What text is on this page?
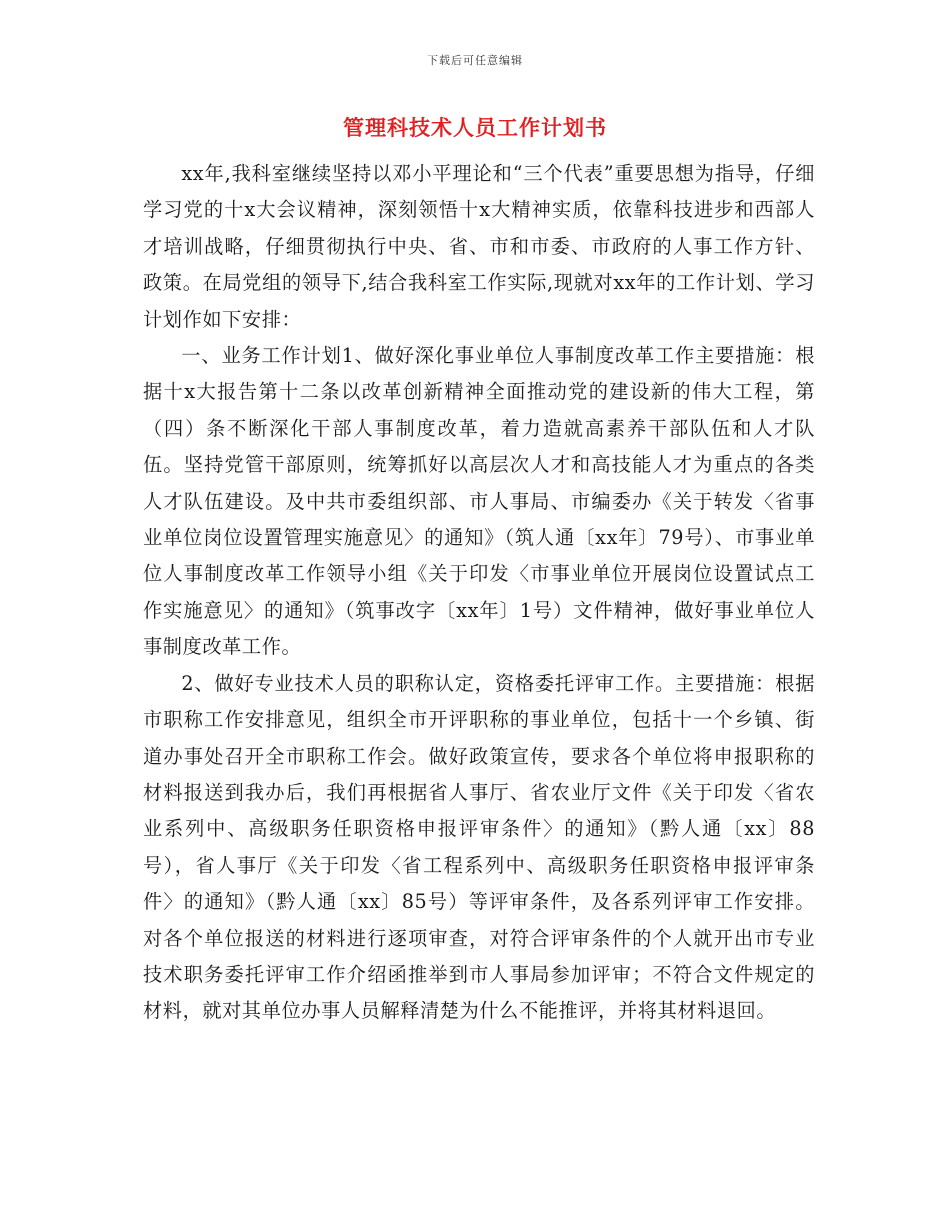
下载后可任意编辑
管理科技术人员工作计划书

xx年,我科室继续坚持以邓小平理论和“三个代表”重要思想为指导，仔细学习党的十x大会议精神，深刻领悟十x大精神实质，依靠科技进步和西部人才培训战略，仔细贯彻执行中央、省、市和市委、市政府的人事工作方针、政策。在局党组的领导下,结合我科室工作实际,现就对xx年的工作计划、学习计划作如下安排：

一、业务工作计划1、做好深化事业单位人事制度改革工作主要措施：根据十x大报告第十二条以改革创新精神全面推动党的建设新的伟大工程，第（四）条不断深化干部人事制度改革，着力造就高素养干部队伍和人才队伍。坚持党管干部原则，统筹抓好以高层次人才和高技能人才为重点的各类人才队伍建设。及中共市委组织部、市人事局、市编委办《关于转发〈省事业单位岗位设置管理实施意见〉的通知》（筑人通〔xx年〕79号）、市事业单位人事制度改革工作领导小组《关于印发〈市事业单位开展岗位设置试点工作实施意见〉的通知》（筑事改字〔xx年〕1号）文件精神，做好事业单位人事制度改革工作。

2、做好专业技术人员的职称认定，资格委托评审工作。主要措施：根据市职称工作安排意见，组织全市开评职称的事业单位，包括十一个乡镇、街道办事处召开全市职称工作会。做好政策宣传，要求各个单位将申报职称的材料报送到我办后，我们再根据省人事厅、省农业厅文件《关于印发〈省农业系列中、高级职务任职资格申报评审条件〉的通知》（黔人通〔xx〕88号），省人事厅《关于印发〈省工程系列中、高级职务任职资格申报评审条件〉的通知》（黔人通〔xx〕85号）等评审条件，及各系列评审工作安排。对各个单位报送的材料进行逐项审查，对符合评审条件的个人就开出市专业技术职务委托评审工作介绍函推举到市人事局参加评审；不符合文件规定的材料，就对其单位办事人员解释清楚为什么不能推评，并将其材料退回。
